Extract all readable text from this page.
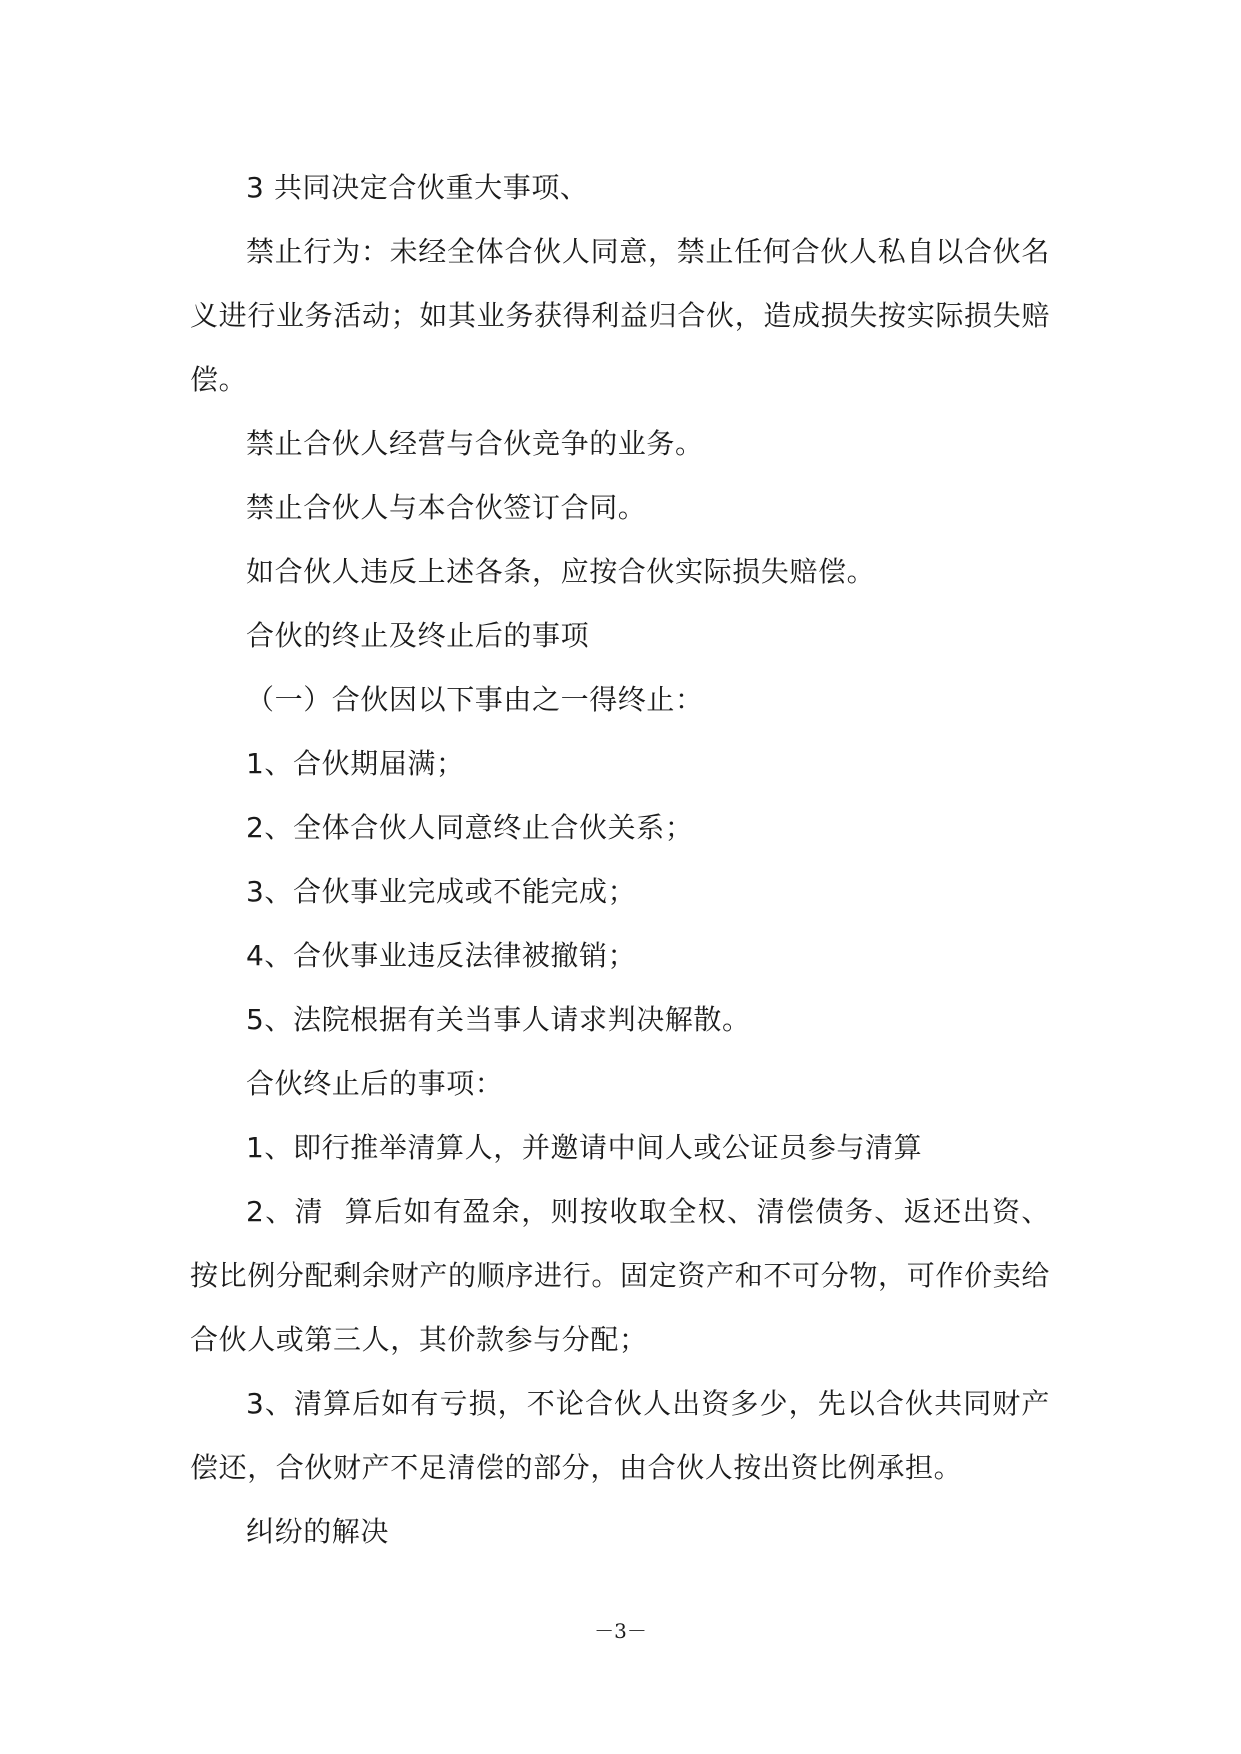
3 共同决定合伙重大事项、

禁止行为：未经全体合伙人同意，禁止任何合伙人私自以合伙名义进行业务活动；如其业务获得利益归合伙，造成损失按实际损失赔偿。

禁止合伙人经营与合伙竞争的业务。

禁止合伙人与本合伙签订合同。

如合伙人违反上述各条，应按合伙实际损失赔偿。

合伙的终止及终止后的事项

（一）合伙因以下事由之一得终止：

1、合伙期届满；

2、全体合伙人同意终止合伙关系；

3、合伙事业完成或不能完成；

4、合伙事业违反法律被撤销；

5、法院根据有关当事人请求判决解散。

合伙终止后的事项：

1、即行推举清算人，并邀请中间人或公证员参与清算

2、清  算后如有盈余，则按收取全权、清偿债务、返还出资、按比例分配剩余财产的顺序进行。固定资产和不可分物，可作价卖给合伙人或第三人，其价款参与分配；

3、清算后如有亏损，不论合伙人出资多少，先以合伙共同财产偿还，合伙财产不足清偿的部分，由合伙人按出资比例承担。

纠纷的解决

－3－
